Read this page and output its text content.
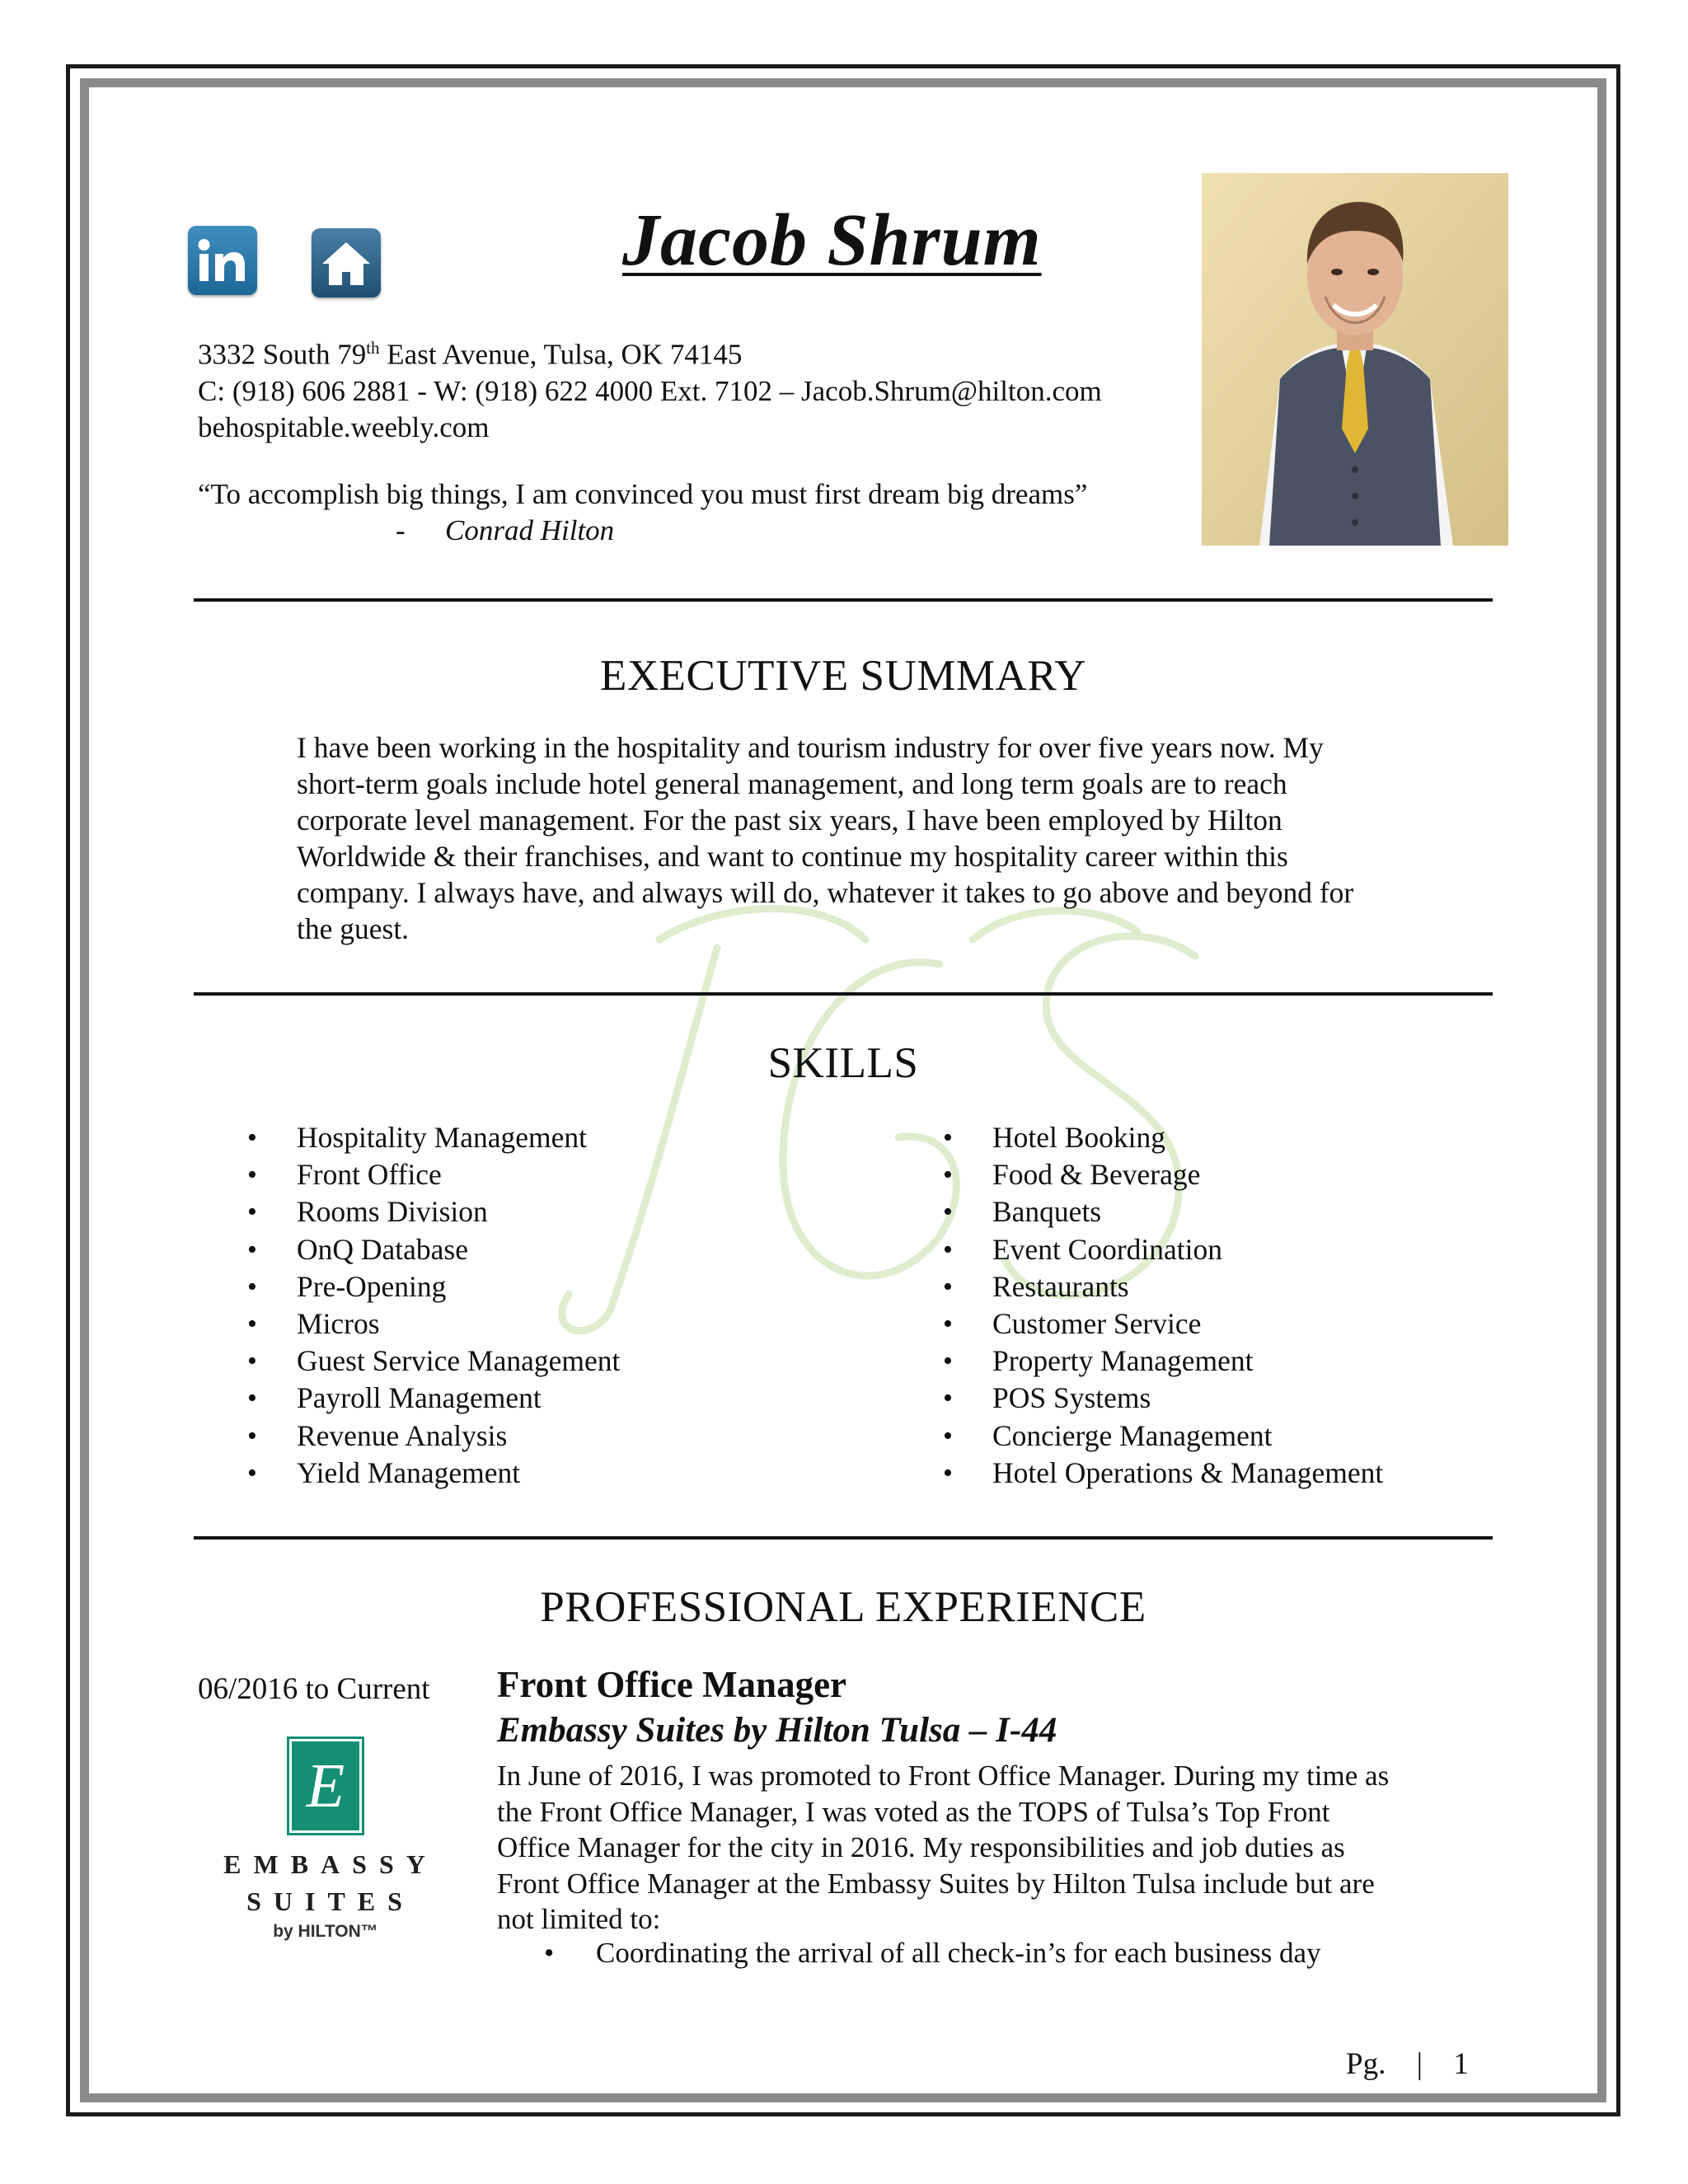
Jacob Shrum
3332 South 79th East Avenue, Tulsa, OK 74145
C: (918) 606 2881 - W: (918) 622 4000 Ext. 7102 – Jacob.Shrum@hilton.com
behospitable.weebly.com
“To accomplish big things, I am convinced you must first dream big dreams”
- Conrad Hilton
EXECUTIVE SUMMARY

I have been working in the hospitality and tourism industry for over five years now. My

short-term goals include hotel general management, and long term goals are to reach

corporate level management. For the past six years, I have been employed by Hilton

Worldwide & their franchises, and want to continue my hospitality career within this

company. I always have, and always will do, whatever it takes to go above and beyond for

the guest.

SKILLS
• Hospitality Management
• Front Office
• Rooms Division
• OnQ Database
• Pre-Opening
• Micros
• Guest Service Management
• Payroll Management
• Revenue Analysis
• Yield Management
• Hotel Booking
• Food & Beverage
• Banquets
• Event Coordination
• Restaurants
• Customer Service
• Property Management
• POS Systems
• Concierge Management
• Hotel Operations & Management
PROFESSIONAL EXPERIENCE
06/2016 to Current Front Office Manager
Embassy Suites by Hilton Tulsa – I-44

In June of 2016, I was promoted to Front Office Manager. During my time as

the Front Office Manager, I was voted as the TOPS of Tulsa’s Top Front

Office Manager for the city in 2016. My responsibilities and job duties as

Front Office Manager at the Embassy Suites by Hilton Tulsa include but are

not limited to:

• Coordinating the arrival of all check-in’s for each business day
E
EMBASSY
SUITES
by HILTON™
Pg. | 1
